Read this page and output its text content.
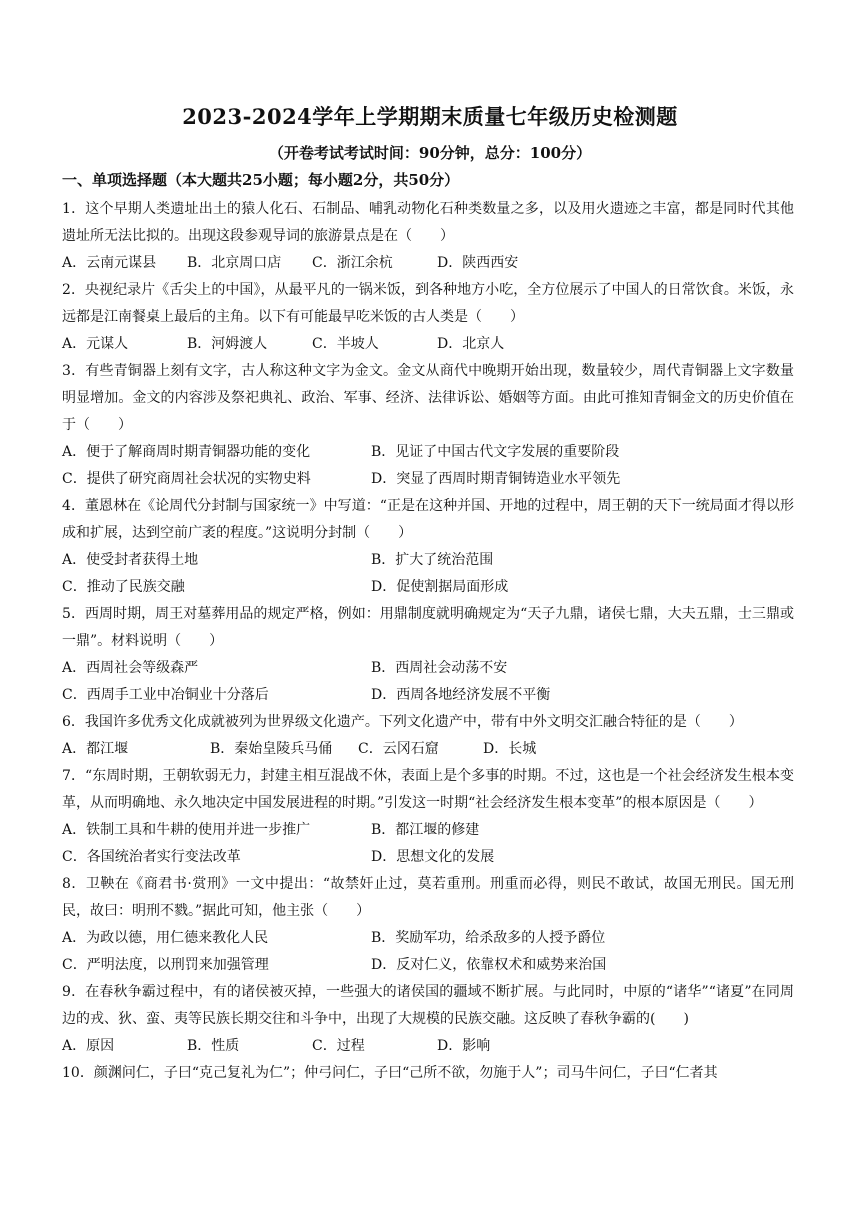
2023-2024学年上学期期末质量七年级历史检测题
（开卷考试考试时间：90分钟，总分：100分）
一、单项选择题（本大题共25小题；每小题2分，共50分）

1．这个早期人类遗址出土的猿人化石、石制品、哺乳动物化石种类数量之多，以及用火遗迹之丰富，都是同时代其他遗址所无法比拟的。出现这段参观导词的旅游景点是在（　　）

A．云南元谋县	B．北京周口店	C．浙江余杭	D．陕西西安

2．央视纪录片《舌尖上的中国》，从最平凡的一锅米饭，到各种地方小吃，全方位展示了中国人的日常饮食。米饭，永远都是江南餐桌上最后的主角。以下有可能最早吃米饭的古人类是（　　）

A．元谋人	B．河姆渡人	C．半坡人	D．北京人

3．有些青铜器上刻有文字，古人称这种文字为金文。金文从商代中晚期开始出现，数量较少，周代青铜器上文字数量明显增加。金文的内容涉及祭祀典礼、政治、军事、经济、法律诉讼、婚姻等方面。由此可推知青铜金文的历史价值在于（　　）

A．便于了解商周时期青铜器功能的变化	B．见证了中国古代文字发展的重要阶段
C．提供了研究商周社会状况的实物史料	D．突显了西周时期青铜铸造业水平领先

4．董恩林在《论周代分封制与国家统一》中写道：“正是在这种并国、开地的过程中，周王朝的天下一统局面才得以形成和扩展，达到空前广袤的程度。”这说明分封制（　　）

A．使受封者获得土地	B．扩大了统治范围
C．推动了民族交融	D．促使割据局面形成

5．西周时期，周王对墓葬用品的规定严格，例如：用鼎制度就明确规定为“天子九鼎，诸侯七鼎，大夫五鼎，士三鼎或一鼎”。材料说明（　　）

A．西周社会等级森严	B．西周社会动荡不安
C．西周手工业中冶铜业十分落后	D．西周各地经济发展不平衡

6．我国许多优秀文化成就被列为世界级文化遗产。下列文化遗产中，带有中外文明交汇融合特征的是（　　）

A．都江堰	B．秦始皇陵兵马俑	C．云冈石窟	D．长城

7．“东周时期，王朝软弱无力，封建主相互混战不休，表面上是个多事的时期。不过，这也是一个社会经济发生根本变革，从而明确地、永久地决定中国发展进程的时期。”引发这一时期“社会经济发生根本变革”的根本原因是（　　）

A．铁制工具和牛耕的使用并进一步推广	B．都江堰的修建
C．各国统治者实行变法改革	D．思想文化的发展

8．卫鞅在《商君书·赏刑》一文中提出：“故禁奸止过，莫若重刑。刑重而必得，则民不敢试，故国无刑民。国无刑民，故曰：明刑不戮。”据此可知，他主张（　　）

A．为政以德，用仁德来教化人民	B．奖励军功，给杀敌多的人授予爵位
C．严明法度，以刑罚来加强管理	D．反对仁义，依靠权术和威势来治国

9．在春秋争霸过程中，有的诸侯被灭掉，一些强大的诸侯国的疆域不断扩展。与此同时，中原的“诸华”“诸夏”在同周边的戎、狄、蛮、夷等民族长期交往和斗争中，出现了大规模的民族交融。这反映了春秋争霸的(　　)

A．原因	B．性质	C．过程	D．影响

10．颜渊问仁，子曰“克己复礼为仁”；仲弓问仁，子曰“己所不欲，勿施于人”；司马牛问仁，子曰“仁者其
